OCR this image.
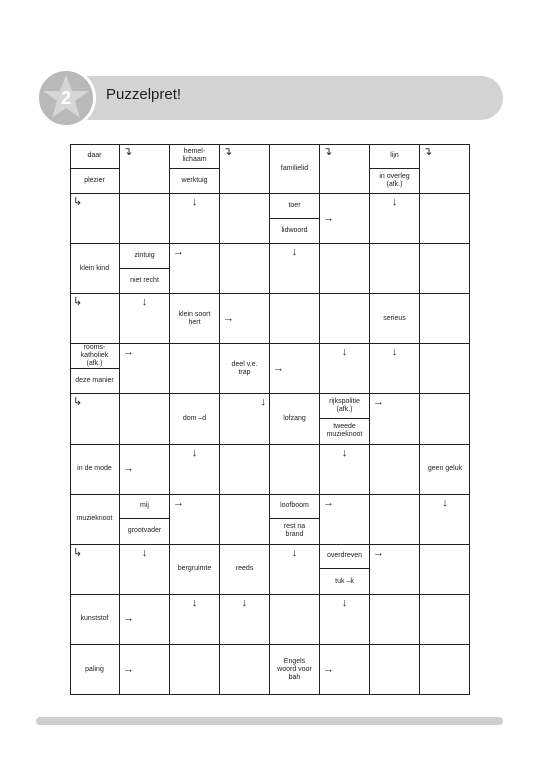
2	Puzzelpret!
daar
plezier
↴	hemel-
lichaam
werktuig
↴
familielid
↴	lijn
in overleg
(afk.)
↴
↳	↓	toer
lidwoord
→
↓
klein kind
zintuig
niet recht
→	↓
↳	↓
klein soort
hert	→	serieus
rooms-
katholiek
(afk.)
deze manier
→
deel v.e.
trap	→
↓	↓
↳
dom –d
↓
lofzang
rijkspolitie
(afk.)
tweede
muzieknoot
→
in de mode	→
↓	↓
geen geluk
muzieknoot
mij
grootvader
→	loofboom
rest na
brand
→	↓
↳	↓
bergruimte	reeds
↓	overdreven
tuk –k
→
kunststof	→
↓	↓	↓
paling	→
Engels
woord voor
bah
→
